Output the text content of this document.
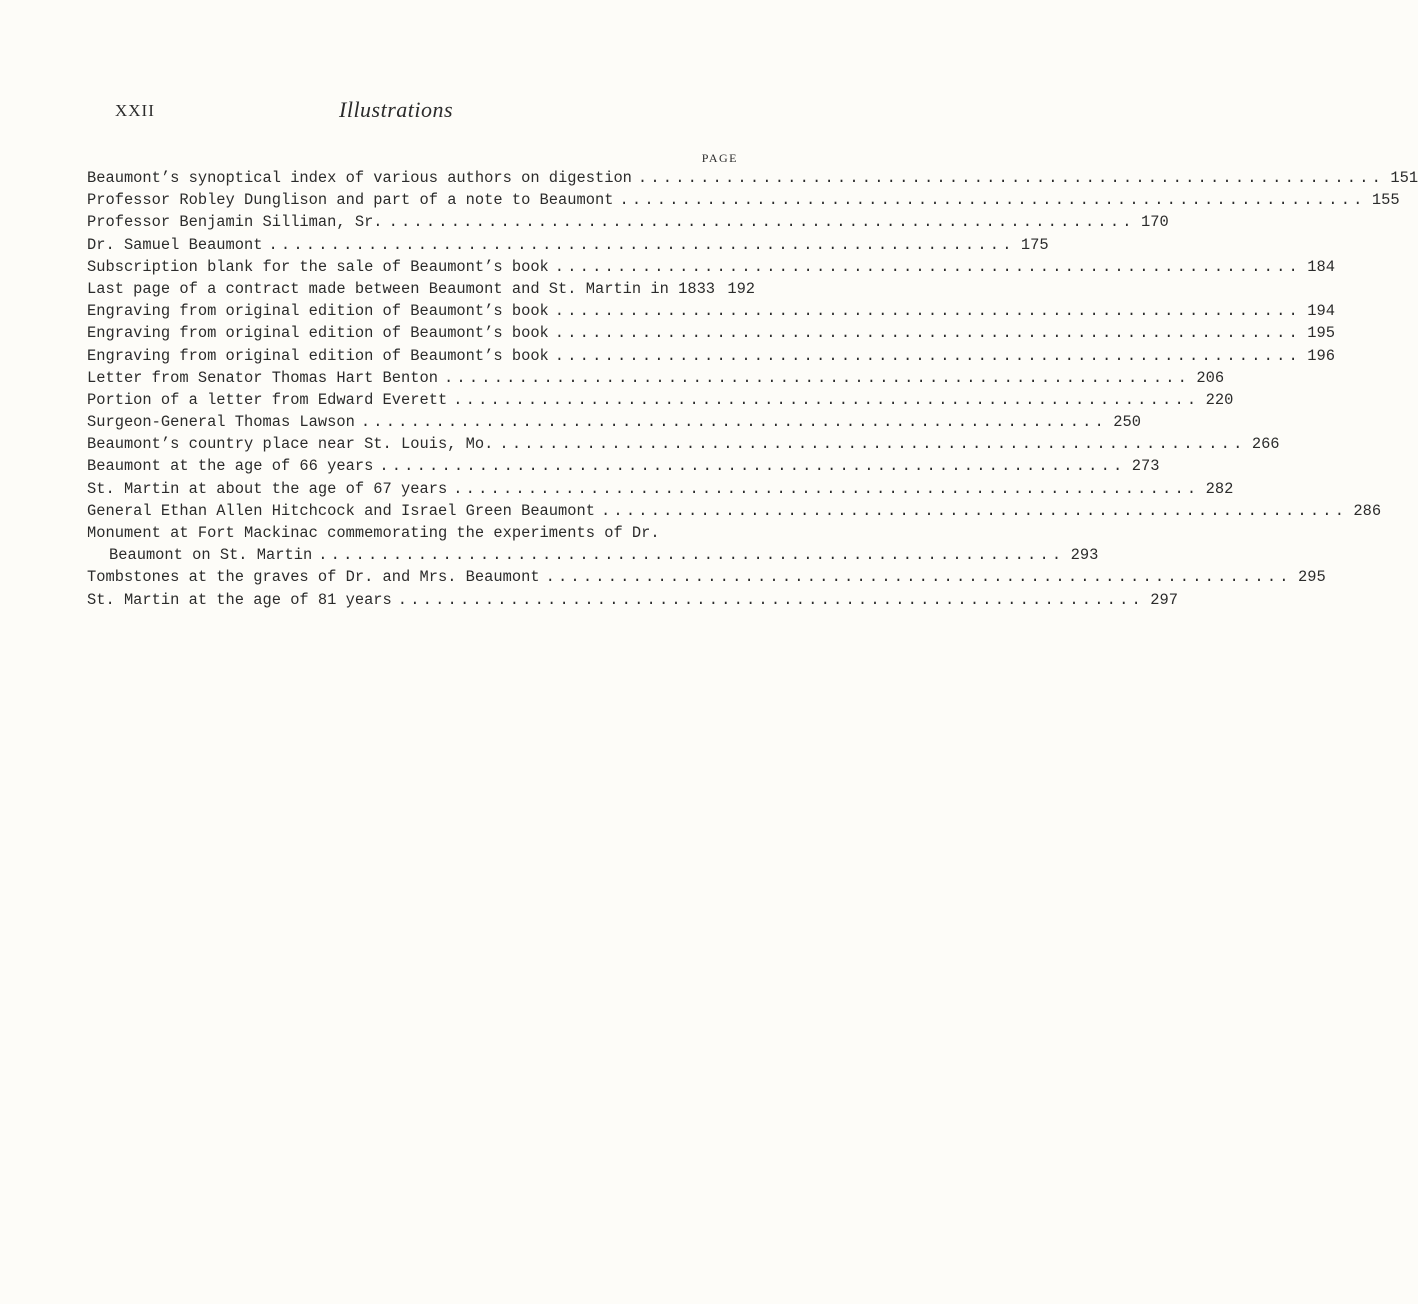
XXII	Illustrations
PAGE
Beaumont’s synoptical index of various authors on digestion ............................................................ 151
Professor Robley Dunglison and part of a note to Beaumont ............................................................ 155
Professor Benjamin Silliman, Sr. ............................................................ 170
Dr. Samuel Beaumont ............................................................ 175
Subscription blank for the sale of Beaumont’s book ............................................................ 184
Last page of a contract made between Beaumont and St. Martin in 1833 192
Engraving from original edition of Beaumont’s book ............................................................ 194
Engraving from original edition of Beaumont’s book ............................................................ 195
Engraving from original edition of Beaumont’s book ............................................................ 196
Letter from Senator Thomas Hart Benton ............................................................ 206
Portion of a letter from Edward Everett ............................................................ 220
Surgeon-General Thomas Lawson ............................................................ 250
Beaumont’s country place near St. Louis, Mo. ............................................................ 266
Beaumont at the age of 66 years ............................................................ 273
St. Martin at about the age of 67 years ............................................................ 282
General Ethan Allen Hitchcock and Israel Green Beaumont ............................................................ 286
Monument at Fort Mackinac commemorating the experiments of Dr.
Beaumont on St. Martin ............................................................ 293
Tombstones at the graves of Dr. and Mrs. Beaumont ............................................................ 295
St. Martin at the age of 81 years ............................................................ 297
